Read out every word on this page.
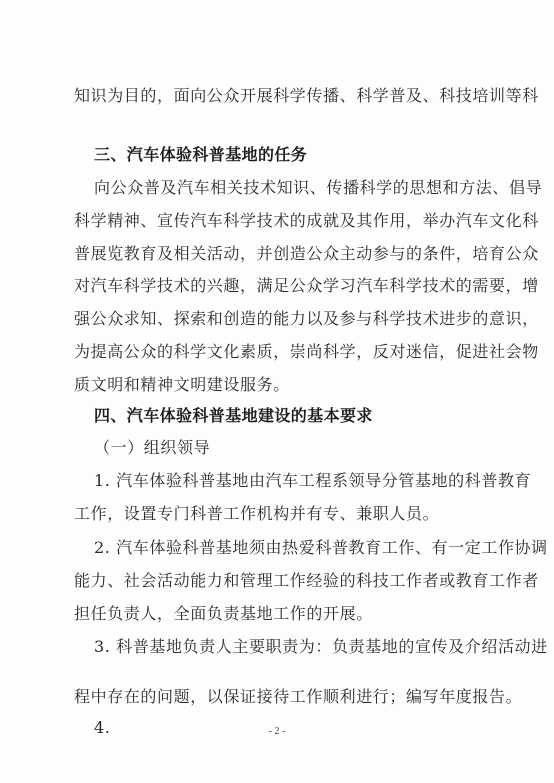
知识为目的，面向公众开展科学传播、科学普及、科技培训等科
三、汽车体验科普基地的任务
向公众普及汽车相关技术知识、传播科学的思想和方法、倡导
科学精神、宣传汽车科学技术的成就及其作用，举办汽车文化科
普展览教育及相关活动，并创造公众主动参与的条件，培育公众
对汽车科学技术的兴趣，满足公众学习汽车科学技术的需要，增
强公众求知、探索和创造的能力以及参与科学技术进步的意识，
为提高公众的科学文化素质，崇尚科学，反对迷信，促进社会物
质文明和精神文明建设服务。
四、汽车体验科普基地建设的基本要求
（一）组织领导
1. 汽车体验科普基地由汽车工程系领导分管基地的科普教育
工作，设置专门科普工作机构并有专、兼职人员。
2. 汽车体验科普基地须由热爱科普教育工作、有一定工作协调
能力、社会活动能力和管理工作经验的科技工作者或教育工作者
担任负责人，全面负责基地工作的开展。
3. 科普基地负责人主要职责为：负责基地的宣传及介绍活动进
程中存在的问题，以保证接待工作顺利进行；编写年度报告。
4.	- 2 -
